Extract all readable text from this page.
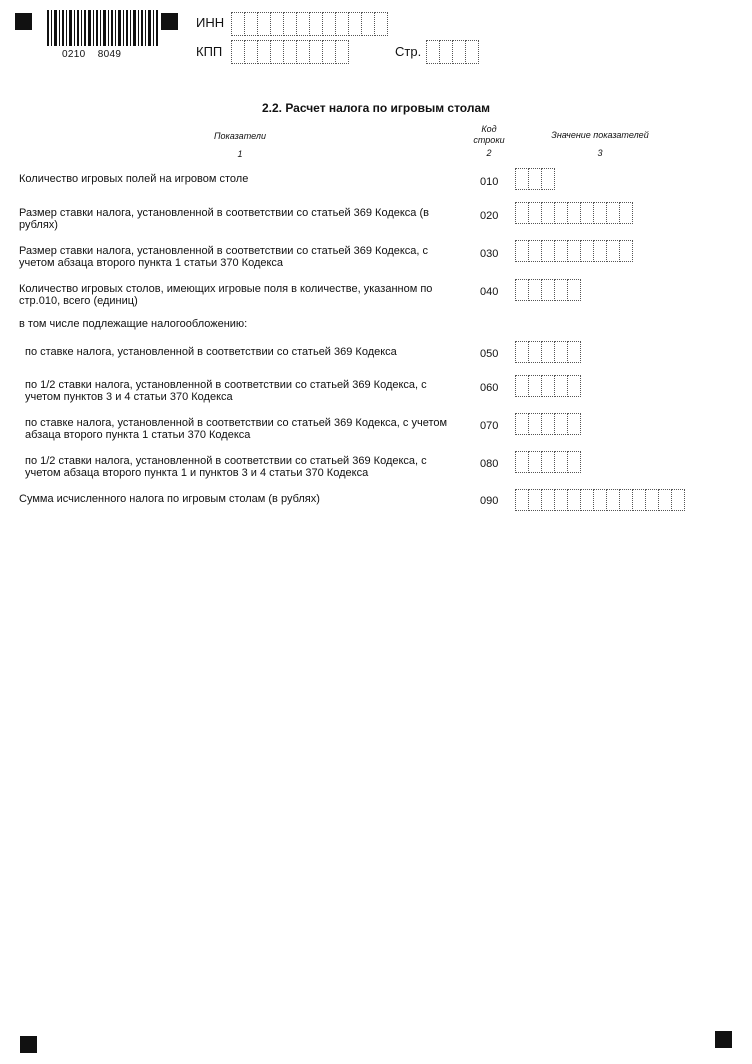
0210    8049
ИНН
КПП	Стр.
2.2. Расчет налога по игровым столам
Показатели
1
Код строки
2
Значение показателей
3
Количество игровых полей на игровом столе	010
Размер ставки налога, установленной в соответствии со статьей 369 Кодекса (в рублях)
020
Размер ставки налога, установленной в соответствии со статьей 369 Кодекса, с учетом абзаца второго пункта 1 статьи 370 Кодекса
030
Количество игровых столов, имеющих игровые поля в количестве, указанном по стр.010, всего (единиц)
040
в том числе подлежащие налогообложению:
по ставке налога, установленной в соответствии со статьей 369 Кодекса	050
по 1/2 ставки налога, установленной в соответствии со статьей 369 Кодекса, с учетом пунктов 3 и 4 статьи 370 Кодекса
060
по ставке налога, установленной в соответствии со статьей 369 Кодекса, с учетом абзаца второго пункта 1 статьи 370 Кодекса
070
по 1/2 ставки налога, установленной в соответствии со статьей 369 Кодекса, с учетом абзаца второго пункта 1 и пунктов 3 и 4 статьи 370 Кодекса
080
Сумма исчисленного налога по игровым столам (в рублях)	090
